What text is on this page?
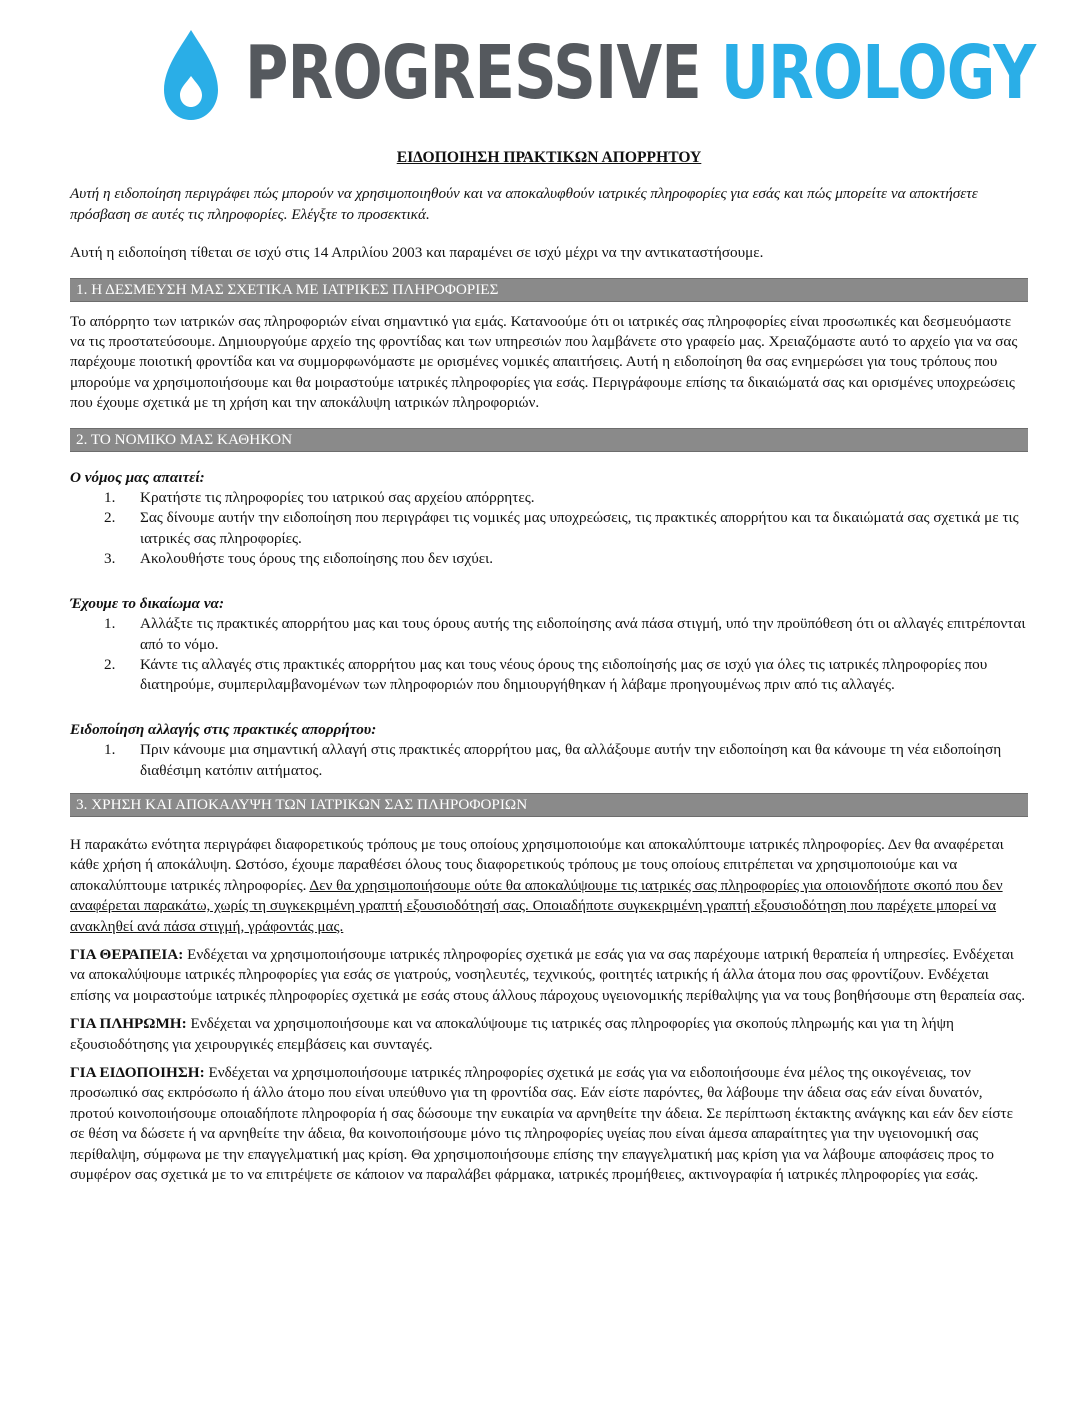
PROGRESSIVE UROLOGY
ΕΙΔΟΠΟΙΗΣΗ ΠΡΑΚΤΙΚΩΝ ΑΠΟΡΡΗΤΟΥ

Αυτή η ειδοποίηση περιγράφει πώς μπορούν να χρησιμοποιηθούν και να αποκαλυφθούν ιατρικές πληροφορίες για εσάς και πώς μπορείτε να αποκτήσετε πρόσβαση σε αυτές τις πληροφορίες. Ελέγξτε το προσεκτικά.

Αυτή η ειδοποίηση τίθεται σε ισχύ στις 14 Απριλίου 2003 και παραμένει σε ισχύ μέχρι να την αντικαταστήσουμε.

1. Η ΔΕΣΜΕΥΣΗ ΜΑΣ ΣΧΕΤΙΚΑ ΜΕ ΙΑΤΡΙΚΕΣ ΠΛΗΡΟΦΟΡΙΕΣ

Το απόρρητο των ιατρικών σας πληροφοριών είναι σημαντικό για εμάς. Κατανοούμε ότι οι ιατρικές σας πληροφορίες είναι προσωπικές και δεσμευόμαστε να τις προστατεύσουμε. Δημιουργούμε αρχείο της φροντίδας και των υπηρεσιών που λαμβάνετε στο γραφείο μας. Χρειαζόμαστε αυτό το αρχείο για να σας παρέχουμε ποιοτική φροντίδα και να συμμορφωνόμαστε με ορισμένες νομικές απαιτήσεις. Αυτή η ειδοποίηση θα σας ενημερώσει για τους τρόπους που μπορούμε να χρησιμοποιήσουμε και θα μοιραστούμε ιατρικές πληροφορίες για εσάς. Περιγράφουμε επίσης τα δικαιώματά σας και ορισμένες υποχρεώσεις που έχουμε σχετικά με τη χρήση και την αποκάλυψη ιατρικών πληροφοριών.

2. ΤΟ ΝΟΜΙΚΟ ΜΑΣ ΚΑΘΗΚΟΝ
Ο νόμος μας απαιτεί:
1. Κρατήστε τις πληροφορίες του ιατρικού σας αρχείου απόρρητες.
2. Σας δίνουμε αυτήν την ειδοποίηση που περιγράφει τις νομικές μας υποχρεώσεις, τις πρακτικές απορρήτου και τα δικαιώματά σας σχετικά με τις ιατρικές σας πληροφορίες.
3. Ακολουθήστε τους όρους της ειδοποίησης που δεν ισχύει.
Έχουμε το δικαίωμα να:
1. Αλλάξτε τις πρακτικές απορρήτου μας και τους όρους αυτής της ειδοποίησης ανά πάσα στιγμή, υπό την προϋπόθεση ότι οι αλλαγές επιτρέπονται από το νόμο.
2. Κάντε τις αλλαγές στις πρακτικές απορρήτου μας και τους νέους όρους της ειδοποίησής μας σε ισχύ για όλες τις ιατρικές πληροφορίες που διατηρούμε, συμπεριλαμβανομένων των πληροφοριών που δημιουργήθηκαν ή λάβαμε προηγουμένως πριν από τις αλλαγές.
Ειδοποίηση αλλαγής στις πρακτικές απορρήτου:
1. Πριν κάνουμε μια σημαντική αλλαγή στις πρακτικές απορρήτου μας, θα αλλάξουμε αυτήν την ειδοποίηση και θα κάνουμε τη νέα ειδοποίηση διαθέσιμη κατόπιν αιτήματος.
3. ΧΡΗΣΗ ΚΑΙ ΑΠΟΚΑΛΥΨΗ ΤΩΝ ΙΑΤΡΙΚΩΝ ΣΑΣ ΠΛΗΡΟΦΟΡΙΩΝ

Η παρακάτω ενότητα περιγράφει διαφορετικούς τρόπους με τους οποίους χρησιμοποιούμε και αποκαλύπτουμε ιατρικές πληροφορίες. Δεν θα αναφέρεται κάθε χρήση ή αποκάλυψη. Ωστόσο, έχουμε παραθέσει όλους τους διαφορετικούς τρόπους με τους οποίους επιτρέπεται να χρησιμοποιούμε και να αποκαλύπτουμε ιατρικές πληροφορίες. Δεν θα χρησιμοποιήσουμε ούτε θα αποκαλύψουμε τις ιατρικές σας πληροφορίες για οποιονδήποτε σκοπό που δεν αναφέρεται παρακάτω, χωρίς τη συγκεκριμένη γραπτή εξουσιοδότησή σας. Οποιαδήποτε συγκεκριμένη γραπτή εξουσιοδότηση που παρέχετε μπορεί να ανακληθεί ανά πάσα στιγμή, γράφοντάς μας.

ΓΙΑ ΘΕΡΑΠΕΙΑ: Ενδέχεται να χρησιμοποιήσουμε ιατρικές πληροφορίες σχετικά με εσάς για να σας παρέχουμε ιατρική θεραπεία ή υπηρεσίες. Ενδέχεται να αποκαλύψουμε ιατρικές πληροφορίες για εσάς σε γιατρούς, νοσηλευτές, τεχνικούς, φοιτητές ιατρικής ή άλλα άτομα που σας φροντίζουν. Ενδέχεται επίσης να μοιραστούμε ιατρικές πληροφορίες σχετικά με εσάς στους άλλους πάροχους υγειονομικής περίθαλψης για να τους βοηθήσουμε στη θεραπεία σας.

ΓΙΑ ΠΛΗΡΩΜΗ: Ενδέχεται να χρησιμοποιήσουμε και να αποκαλύψουμε τις ιατρικές σας πληροφορίες για σκοπούς πληρωμής και για τη λήψη εξουσιοδότησης για χειρουργικές επεμβάσεις και συνταγές.

ΓΙΑ ΕΙΔΟΠΟΙΗΣΗ: Ενδέχεται να χρησιμοποιήσουμε ιατρικές πληροφορίες σχετικά με εσάς για να ειδοποιήσουμε ένα μέλος της οικογένειας, τον προσωπικό σας εκπρόσωπο ή άλλο άτομο που είναι υπεύθυνο για τη φροντίδα σας. Εάν είστε παρόντες, θα λάβουμε την άδεια σας εάν είναι δυνατόν, προτού κοινοποιήσουμε οποιαδήποτε πληροφορία ή σας δώσουμε την ευκαιρία να αρνηθείτε την άδεια. Σε περίπτωση έκτακτης ανάγκης και εάν δεν είστε σε θέση να δώσετε ή να αρνηθείτε την άδεια, θα κοινοποιήσουμε μόνο τις πληροφορίες υγείας που είναι άμεσα απαραίτητες για την υγειονομική σας περίθαλψη, σύμφωνα με την επαγγελματική μας κρίση. Θα χρησιμοποιήσουμε επίσης την επαγγελματική μας κρίση για να λάβουμε αποφάσεις προς το συμφέρον σας σχετικά με το να επιτρέψετε σε κάποιον να παραλάβει φάρμακα, ιατρικές προμήθειες, ακτινογραφία ή ιατρικές πληροφορίες για εσάς.
